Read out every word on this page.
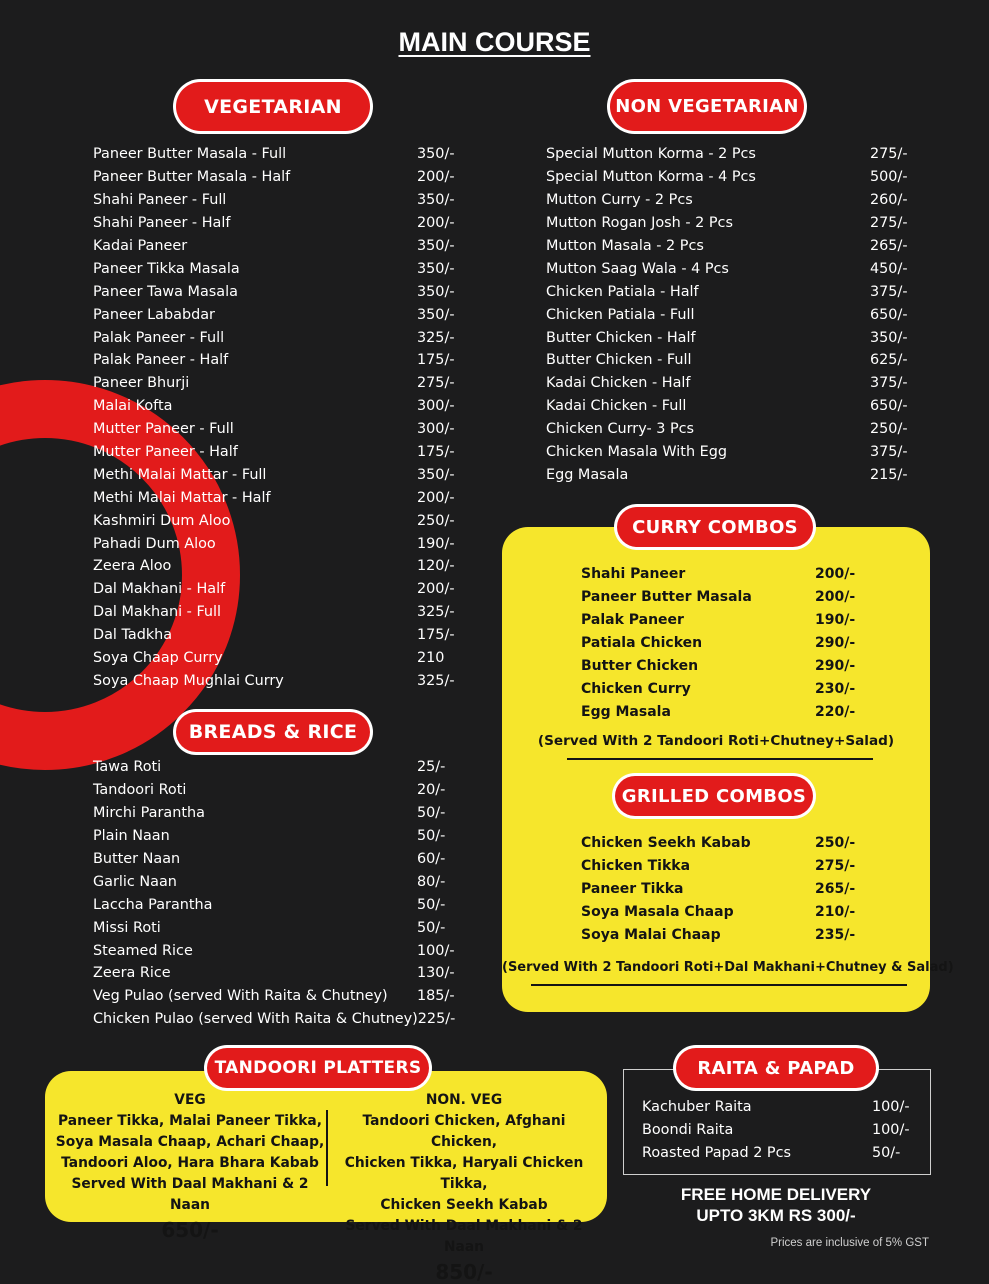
MAIN COURSE
VEGETARIAN
Paneer Butter Masala - Full	350/-
Paneer Butter Masala - Half	200/-
Shahi Paneer - Full	350/-
Shahi Paneer - Half	200/-
Kadai Paneer	350/-
Paneer Tikka Masala	350/-
Paneer Tawa Masala	350/-
Paneer Lababdar	350/-
Palak Paneer - Full	325/-
Palak Paneer - Half	175/-
Paneer Bhurji	275/-
Malai Kofta	300/-
Mutter Paneer - Full	300/-
Mutter Paneer - Half	175/-
Methi Malai Mattar - Full	350/-
Methi Malai Mattar - Half	200/-
Kashmiri Dum Aloo	250/-
Pahadi Dum Aloo	190/-
Zeera Aloo	120/-
Dal Makhani - Half	200/-
Dal Makhani - Full	325/-
Dal Tadkha	175/-
Soya Chaap Curry	210
Soya Chaap Mughlai Curry	325/-
NON VEGETARIAN
Special Mutton Korma - 2 Pcs	275/-
Special Mutton Korma - 4 Pcs	500/-
Mutton Curry - 2 Pcs	260/-
Mutton Rogan Josh - 2 Pcs	275/-
Mutton Masala - 2 Pcs	265/-
Mutton Saag Wala - 4 Pcs	450/-
Chicken Patiala - Half	375/-
Chicken Patiala - Full	650/-
Butter Chicken - Half	350/-
Butter Chicken - Full	625/-
Kadai Chicken - Half	375/-
Kadai Chicken - Full	650/-
Chicken Curry- 3 Pcs	250/-
Chicken Masala With Egg	375/-
Egg Masala	215/-
BREADS & RICE
Tawa Roti	25/-
Tandoori Roti	20/-
Mirchi Parantha	50/-
Plain Naan	50/-
Butter Naan	60/-
Garlic Naan	80/-
Laccha Parantha	50/-
Missi Roti	50/-
Steamed Rice	100/-
Zeera Rice	130/-
Veg Pulao (served With Raita & Chutney)	185/-
Chicken Pulao (served With Raita & Chutney) 225/-
CURRY COMBOS
Shahi Paneer	200/-
Paneer Butter Masala	200/-
Palak Paneer	190/-
Patiala Chicken	290/-
Butter Chicken	290/-
Chicken Curry	230/-
Egg Masala	220/-
(Served With 2 Tandoori Roti+Chutney+Salad)
GRILLED COMBOS
Chicken Seekh Kabab	250/-
Chicken Tikka	275/-
Paneer Tikka	265/-
Soya Masala Chaap	210/-
Soya Malai Chaap	235/-
(Served With 2 Tandoori Roti+Dal Makhani+Chutney & Salad)
TANDOORI PLATTERS
VEG
Paneer Tikka, Malai Paneer Tikka,
Soya Masala Chaap, Achari Chaap,
Tandoori Aloo, Hara Bhara Kabab
Served With Daal Makhani & 2 Naan
650/-
NON. VEG
Tandoori Chicken, Afghani Chicken,
Chicken Tikka, Haryali Chicken Tikka,
Chicken Seekh Kabab
Served With Daal Makhani & 2 Naan
850/-
RAITA & PAPAD
Kachuber Raita	100/-
Boondi Raita	100/-
Roasted Papad 2 Pcs	50/-
FREE HOME DELIVERY
UPTO 3KM RS 300/-
Prices are inclusive of 5% GST
